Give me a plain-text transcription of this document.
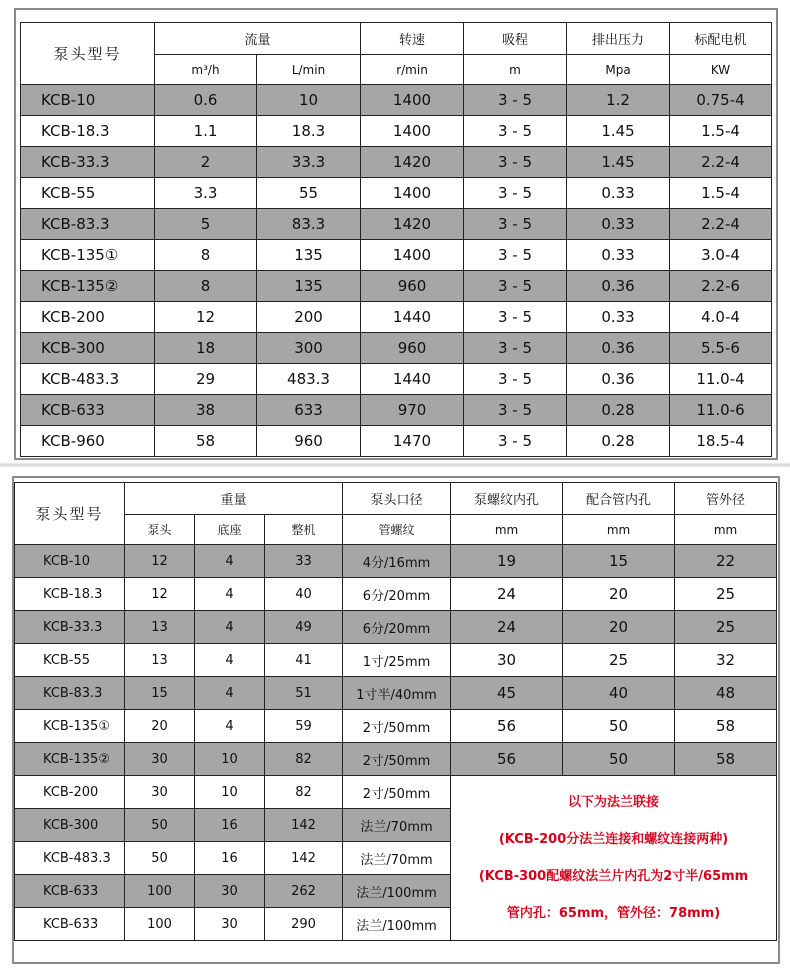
泵头型号	流量		转速	吸程	排出压力	标配电机
	m³/h	L/min	r/min	m	Mpa	KW
KCB-10	0.6	10	1400	3 - 5	1.2	0.75-4
KCB-18.3	1.1	18.3	1400	3 - 5	1.45	1.5-4
KCB-33.3	2	33.3	1420	3 - 5	1.45	2.2-4
KCB-55	3.3	55	1400	3 - 5	0.33	1.5-4
KCB-83.3	5	83.3	1420	3 - 5	0.33	2.2-4
KCB-135①	8	135	1400	3 - 5	0.33	3.0-4
KCB-135②	8	135	960	3 - 5	0.36	2.2-6
KCB-200	12	200	1440	3 - 5	0.33	4.0-4
KCB-300	18	300	960	3 - 5	0.36	5.5-6
KCB-483.3	29	483.3	1440	3 - 5	0.36	11.0-4
KCB-633	38	633	970	3 - 5	0.28	11.0-6
KCB-960	58	960	1470	3 - 5	0.28	18.5-4
泵头型号	重量			泵头口径	泵螺纹内孔	配合管内孔	管外径
	泵头	底座	整机	管螺纹	mm	mm	mm
KCB-10	12	4	33	4分/16mm	19	15	22
KCB-18.3	12	4	40	6分/20mm	24	20	25
KCB-33.3	13	4	49	6分/20mm	24	20	25
KCB-55	13	4	41	1寸/25mm	30	25	32
KCB-83.3	15	4	51	1寸半/40mm	45	40	48
KCB-135①	20	4	59	2寸/50mm	56	50	58
KCB-135②	30	10	82	2寸/50mm	56	50	58
KCB-200	30	10	82	2寸/50mm	以下为法兰联接
(KCB-200分法兰连接和螺纹连接两种)
(KCB-300配螺纹法兰片内孔为2寸半/65mm
管内孔：65mm，管外径：78mm)		

KCB-300	50	16	142	法兰/70mm			
KCB-483.3	50	16	142	法兰/70mm			
KCB-633	100	30	262	法兰/100mm			
KCB-633	100	30	290	法兰/100mm			
